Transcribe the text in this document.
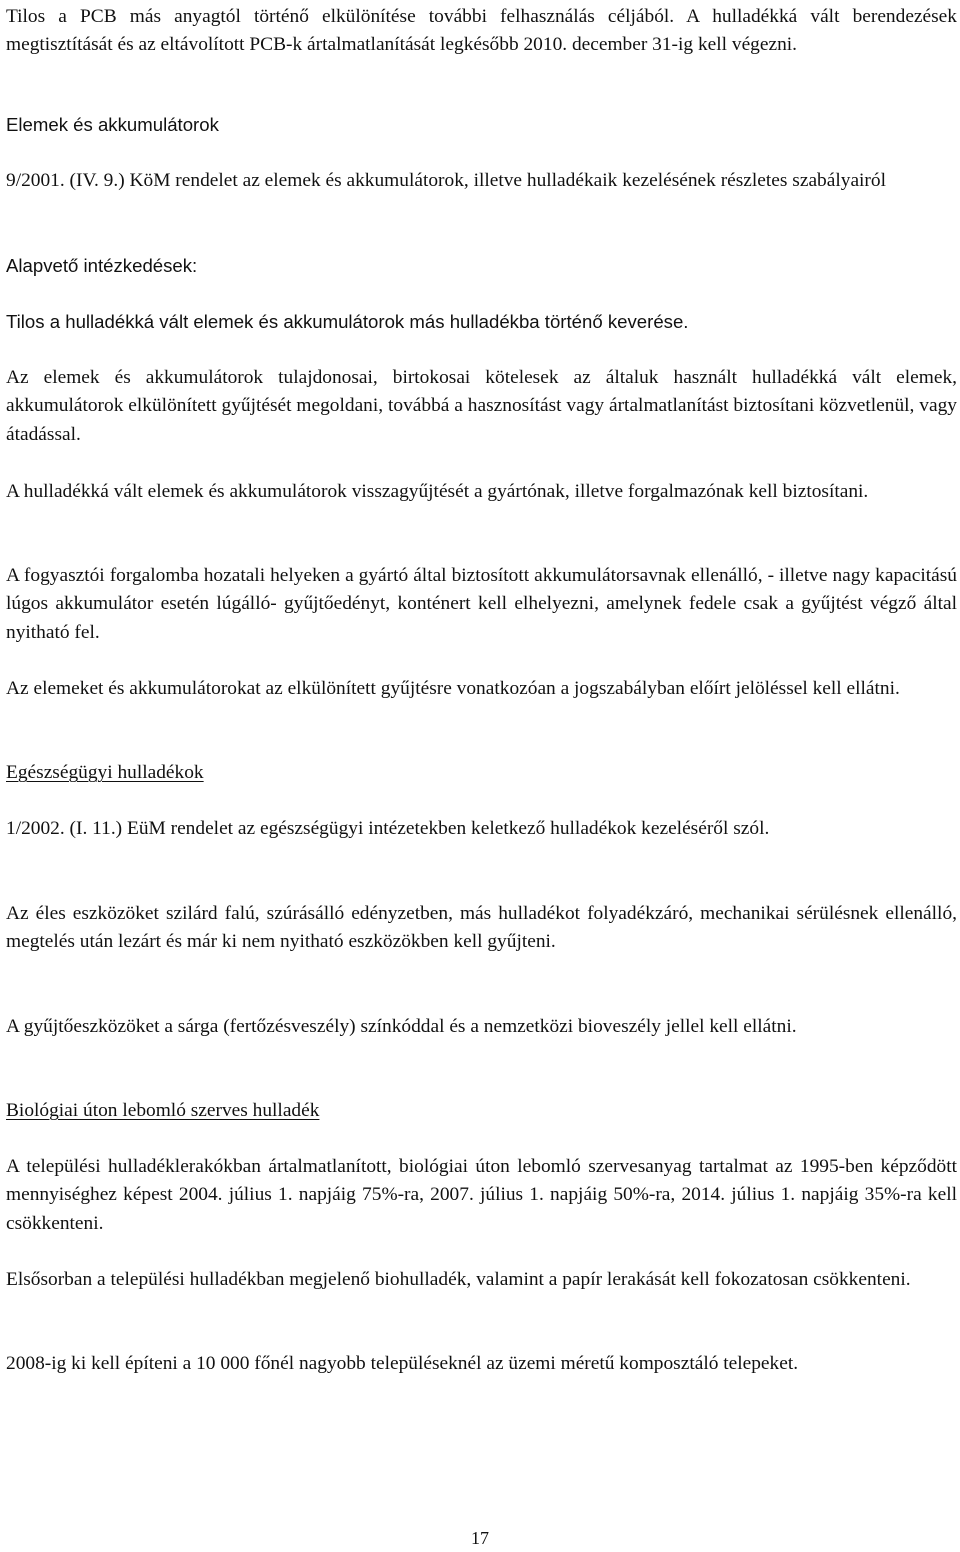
Tilos a PCB más anyagtól történő elkülönítése további felhasználás céljából. A hulladékká vált berendezések megtisztítását és az eltávolított PCB-k ártalmatlanítását legkésőbb 2010. december 31-ig kell végezni.

Elemek és akkumulátorok

9/2001. (IV. 9.) KöM rendelet az elemek és akkumulátorok, illetve hulladékaik kezelésének részletes szabályairól

Alapvető intézkedések:

Tilos a hulladékká vált elemek és akkumulátorok más hulladékba történő keverése.

Az elemek és akkumulátorok tulajdonosai, birtokosai kötelesek az általuk használt hulladékká vált elemek, akkumulátorok elkülönített gyűjtését megoldani, továbbá a hasznosítást vagy ártalmatlanítást biztosítani közvetlenül, vagy átadással.

A hulladékká vált elemek és akkumulátorok visszagyűjtését a gyártónak, illetve forgalmazónak kell biztosítani.

A fogyasztói forgalomba hozatali helyeken a gyártó által biztosított akkumulátorsavnak ellenálló, - illetve nagy kapacitású lúgos akkumulátor esetén lúgálló- gyűjtőedényt, konténert kell elhelyezni, amelynek fedele csak a gyűjtést végző által nyitható fel.

Az elemeket és akkumulátorokat az elkülönített gyűjtésre vonatkozóan a jogszabályban előírt jelöléssel kell ellátni.

Egészségügyi hulladékok

1/2002. (I. 11.) EüM rendelet az egészségügyi intézetekben keletkező hulladékok kezeléséről szól.

Az éles eszközöket szilárd falú, szúrásálló edényzetben, más hulladékot folyadékzáró, mechanikai sérülésnek ellenálló, megtelés után lezárt és már ki nem nyitható eszközökben kell gyűjteni.

A gyűjtőeszközöket a sárga (fertőzésveszély) színkóddal és a nemzetközi bioveszély jellel kell ellátni.

Biológiai úton lebomló szerves hulladék

A települési hulladéklerakókban ártalmatlanított, biológiai úton lebomló szervesanyag tartalmat az 1995-ben képződött mennyiséghez képest 2004. július 1. napjáig 75%-ra, 2007. július 1. napjáig 50%-ra, 2014. július 1. napjáig 35%-ra kell csökkenteni.

Elsősorban a települési hulladékban megjelenő biohulladék, valamint a papír lerakását kell fokozatosan csökkenteni.

2008-ig ki kell építeni a 10 000 főnél nagyobb településeknél az üzemi méretű komposztáló telepeket.

17
